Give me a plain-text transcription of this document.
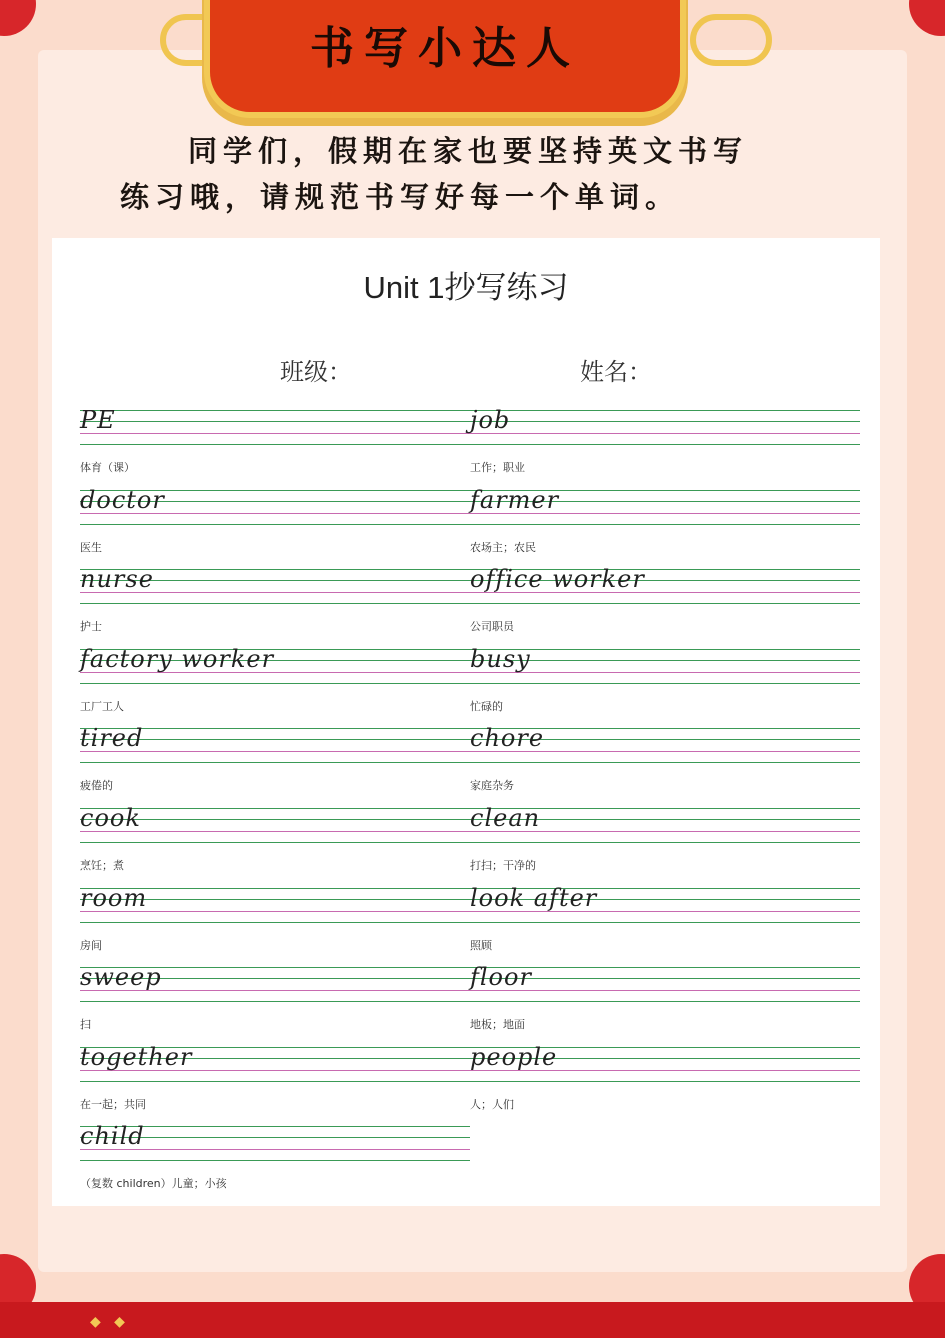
◆   ◆
书写小达人

同学们，假期在家也要坚持英文书写

练习哦，请规范书写好每一个单词。

Unit 1抄写练习
班级：	姓名：
PE
体育（课）
job
工作；职业
doctor
医生
farmer
农场主；农民
nurse
护士
office worker
公司职员
factory worker
工厂工人
busy
忙碌的
tired
疲倦的
chore
家庭杂务
cook
烹饪；煮
clean
打扫；干净的
room
房间
look after
照顾
sweep
扫
floor
地板；地面
together
在一起；共同
people
人；人们
child
（复数 children）儿童；小孩
